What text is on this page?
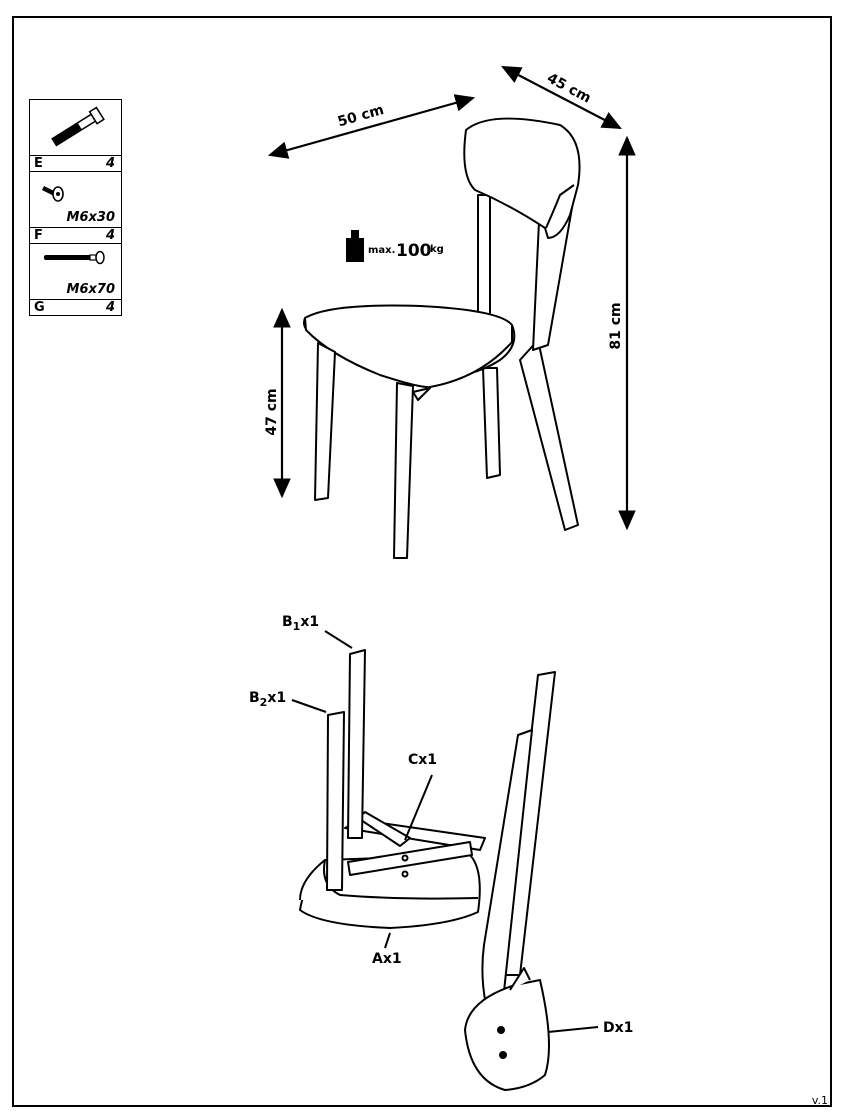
E	4
M6x30
F	4
M6x70
G	4
50 cm
45 cm
81 cm
47 cm
max. 100
kg
$B_1x1$
$B_2x1$
Cx1
Ax1
Dx1
v.1
